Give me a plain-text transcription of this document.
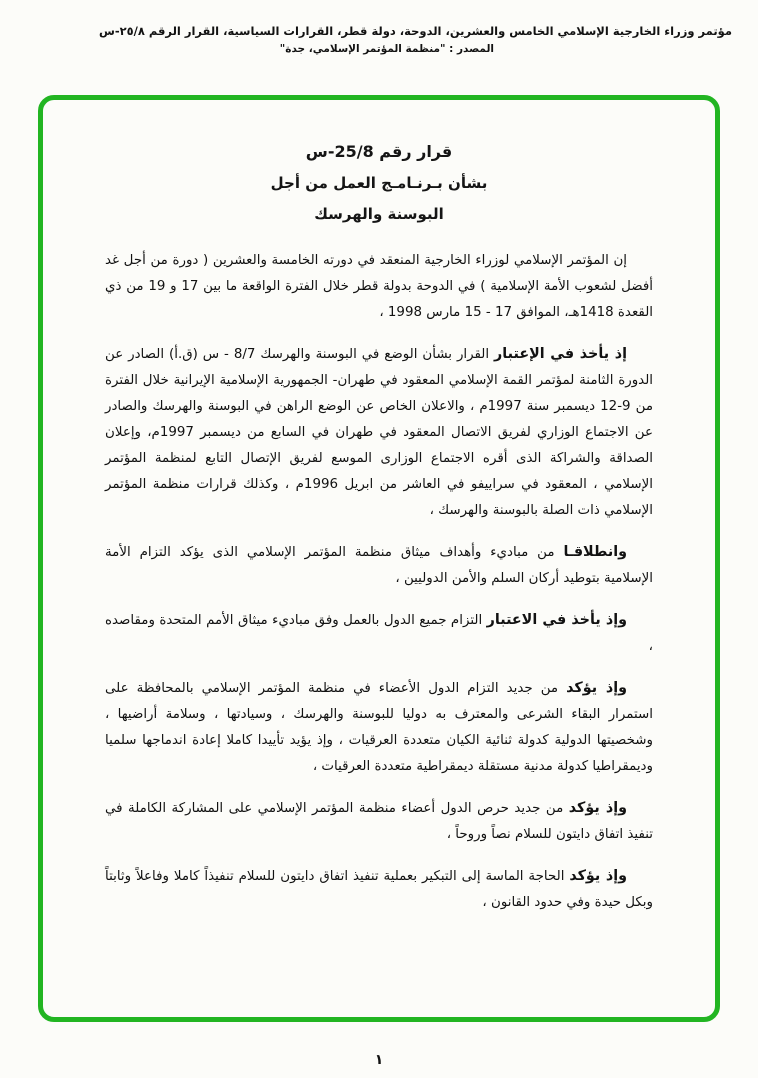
مؤتمر وزراء الخارجية الإسلامي الخامس والعشرين، الدوحة، دولة قطر، القرارات السياسية، القرار الرقم ٢٥/٨-س
المصدر : "منظمة المؤتمر الإسلامي، جدة"
قرار رقم 25/8-س
بشأن بـرنـامـج العمل من أجل
البوسنة والهرسك

إن المؤتمر الإسلامي لوزراء الخارجية المنعقد في دورته الخامسة والعشرين ( دورة من أجل غد أفضل لشعوب الأمة الإسلامية ) في الدوحة بدولة قطر خلال الفترة الواقعة ما بين 17 و 19 من ذي القعدة 1418هـ، الموافق ‎15 - 17‎ مارس 1998 ،

إذ يأخذ في الإعتبار القرار بشأن الوضع في البوسنة والهرسك ‎8/7‎ - س (ق.أ) الصادر عن الدورة الثامنة لمؤتمر القمة الإسلامي المعقود في طهران- الجمهورية الإسلامية الإيرانية خلال الفترة من 9-12 ديسمبر سنة 1997م ، والاعلان الخاص عن الوضع الراهن في البوسنة والهرسك والصادر عن الاجتماع الوزاري لفريق الاتصال المعقود في طهران في السابع من ديسمبر 1997م، وإعلان الصداقة والشراكة الذى أقره الاجتماع الوزارى الموسع لفريق الإتصال التابع لمنظمة المؤتمر الإسلامي ، المعقود في سراييفو في العاشر من ابريل 1996م ، وكذلك قرارات منظمة المؤتمر الإسلامي ذات الصلة بالبوسنة والهرسك ،

وانطلاقـا من مباديء وأهداف ميثاق منظمة المؤتمر الإسلامي الذى يؤكد التزام الأمة الإسلامية بتوطيد أركان السلم والأمن الدوليين ،

وإذ يأخذ في الاعتبار التزام جميع الدول بالعمل وفق مباديء ميثاق الأمم المتحدة ومقاصده ،

وإذ يؤكد من جديد التزام الدول الأعضاء في منظمة المؤتمر الإسلامي بالمحافظة على استمرار البقاء الشرعى والمعترف به دوليا للبوسنة والهرسك ، وسيادتها ، وسلامة أراضيها ، وشخصيتها الدولية كدولة ثنائية الكيان متعددة العرقيات ، وإذ يؤيد تأييدا كاملا إعادة اندماجها سلميا وديمقراطيا كدولة مدنية مستقلة ديمقراطية متعددة العرقيات ،

وإذ يؤكد من جديد حرص الدول أعضاء منظمة المؤتمر الإسلامي على المشاركة الكاملة في تنفيذ اتفاق دايتون للسلام نصاً وروحاً ،

وإذ يؤكد الحاجة الماسة إلى التبكير بعملية تنفيذ اتفاق دايتون للسلام تنفيذاً كاملا وفاعلاً وثابتاً وبكل حيدة وفي حدود القانون ،

١
